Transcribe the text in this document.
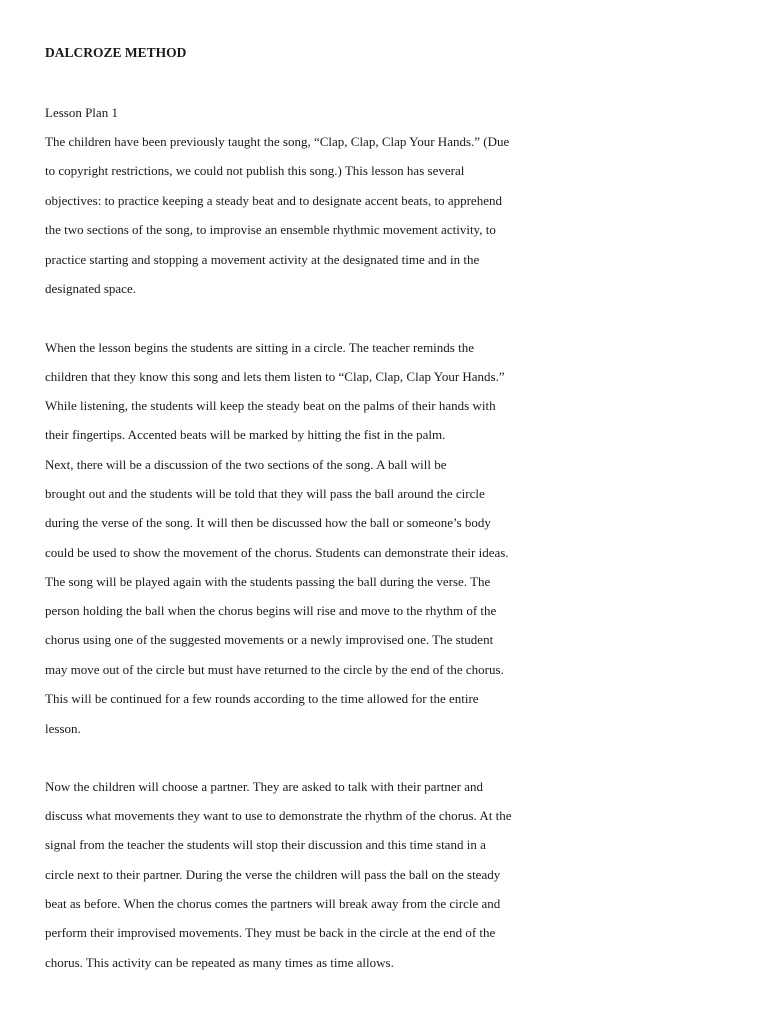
DALCROZE METHOD
Lesson Plan 1
The children have been previously taught the song, “Clap, Clap, Clap Your Hands.” (Due
to copyright restrictions, we could not publish this song.) This lesson has several
objectives: to practice keeping a steady beat and to designate accent beats, to apprehend
the two sections of the song, to improvise an ensemble rhythmic movement activity, to
practice starting and stopping a movement activity at the designated time and in the
designated space.
When the lesson begins the students are sitting in a circle. The teacher reminds the
children that they know this song and lets them listen to “Clap, Clap, Clap Your Hands.”
While listening, the students will keep the steady beat on the palms of their hands with
their fingertips. Accented beats will be marked by hitting the fist in the palm.
Next, there will be a discussion of the two sections of the song. A ball will be
brought out and the students will be told that they will pass the ball around the circle
during the verse of the song. It will then be discussed how the ball or someone’s body
could be used to show the movement of the chorus. Students can demonstrate their ideas.
The song will be played again with the students passing the ball during the verse. The
person holding the ball when the chorus begins will rise and move to the rhythm of the
chorus using one of the suggested movements or a newly improvised one. The student
may move out of the circle but must have returned to the circle by the end of the chorus.
This will be continued for a few rounds according to the time allowed for the entire
lesson.
Now the children will choose a partner. They are asked to talk with their partner and
discuss what movements they want to use to demonstrate the rhythm of the chorus. At the
signal from the teacher the students will stop their discussion and this time stand in a
circle next to their partner. During the verse the children will pass the ball on the steady
beat as before. When the chorus comes the partners will break away from the circle and
perform their improvised movements. They must be back in the circle at the end of the
chorus. This activity can be repeated as many times as time allows.
